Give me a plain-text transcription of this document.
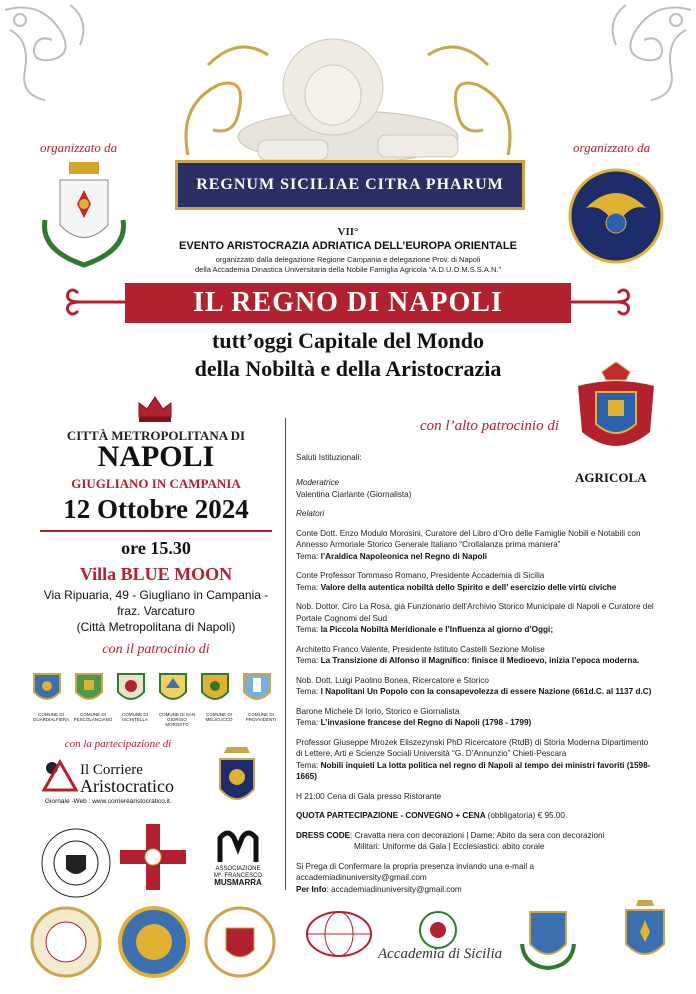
REGNUM SICILIAE CITRA PHARUM
organizzato da	organizzato da
VII°
EVENTO ARISTOCRAZIA ADRIATICA DELL’EUROPA ORIENTALE
organizzato dalla delegazione Regione Campania e delegazione Prov. di Napoli
della Accademia Dinastica Universitaria della Nobile Famiglia Agricola “A.D.U.O.M.S.S.A.N.”
IL REGNO DI NAPOLI
tutt’oggi Capitale del Mondo
della Nobiltà e della Aristocrazia
CITTÀ METROPOLITANA DI
NAPOLI
GIUGLIANO IN CAMPANIA
12 Ottobre 2024
ore 15.30
Villa BLUE MOON
Via Ripuaria, 49 - Giugliano in Campania -
fraz. Varcaturo
(Città Metropolitana di Napoli)
con il patrocinio di
COMUNE DI GUARDIALFIERA
COMUNE DI PESCOLANCIANO
COMUNE DI ISCHITELLA
COMUNE DI SAN GIORGIO MORGETO
COMUNE DI MELICUCCO
COMUNE DI PROVVIDENTI
con la partecipazione di
Il Corriere
Aristocratico
Giornale -Web : www.corrierearistocratico.it.
ASSOCIAZIONE
Mº. FRANCESCO
MUSMARRA
con l’alto patrocinio di
AGRICOLA
Saluti Istituzionali:
Moderatrice
Valentina Ciarlante (Giornalista)
Relatori
Conte Dott. Enzo Modulo Morosini, Curatore del Libro d’Oro delle Famiglie Nobili e Notabili con Annesso Armoriale Storico Generale Italiano “Crollalanza prima maniera”
Tema: l’Araldica Napoleonica nel Regno di Napoli
Conte Professor Tommaso Romano, Presidente Accademia di Sicilia
Tema: Valore della autentica nobiltà dello Spirito e dell’ esercizio delle virtù civiche
Nob. Dottor. Ciro La Rosa, già Funzionario dell’Archivio Storico Municipale di Napoli e Curatore del Portale Cognomi del Sud
Tema: la Piccola Nobiltà Meridionale e l’Influenza al giorno d’Oggi;
Architetto Franco Valente, Presidente Istituto Castelli Sezione Molise
Tema: La Transizione di Alfonso il Magnifico: finisce il Medioevo, inizia l’epoca moderna.
Nob. Dott. Luigi Paolino Bonea, Ricercatore e Storico
Tema: I Napolitani Un Popolo con la consapevolezza di essere Nazione (661d.C. al 1137 d.C)
Barone Michele Di Iorio, Storico e Giornalista
Tema: L’invasione francese del Regno di Napoli (1798 - 1799)
Professor Giuseppe Mrozek Eliszezynski PhD Ricercatore (RtdB) di Storia Moderna Dipartimento di Lettere, Arti e Scienze Sociali Università “G. D’Annunzio” Chieti-Pescara
Tema: Nobili inquieti La lotta politica nel regno di Napoli al tempo dei ministri favoriti (1598-1665)
H 21:00 Cena di Gala presso Ristorante
QUOTA PARTECIPAZIONE - CONVEGNO + CENA (obbligatoria) € 95.00
DRESS CODE: Cravatta nera con decorazioni | Dame: Abito da sera con decorazioni
Militari: Uniforme da Gala | Ecclesiastici: abito corale
Si Prega di Confermare la propria presenza inviando una e-mail a accademiadinuniversity@gmail.com
Per Info: accademiadinuniversity@gmail.com
Accademia di Sicilia
